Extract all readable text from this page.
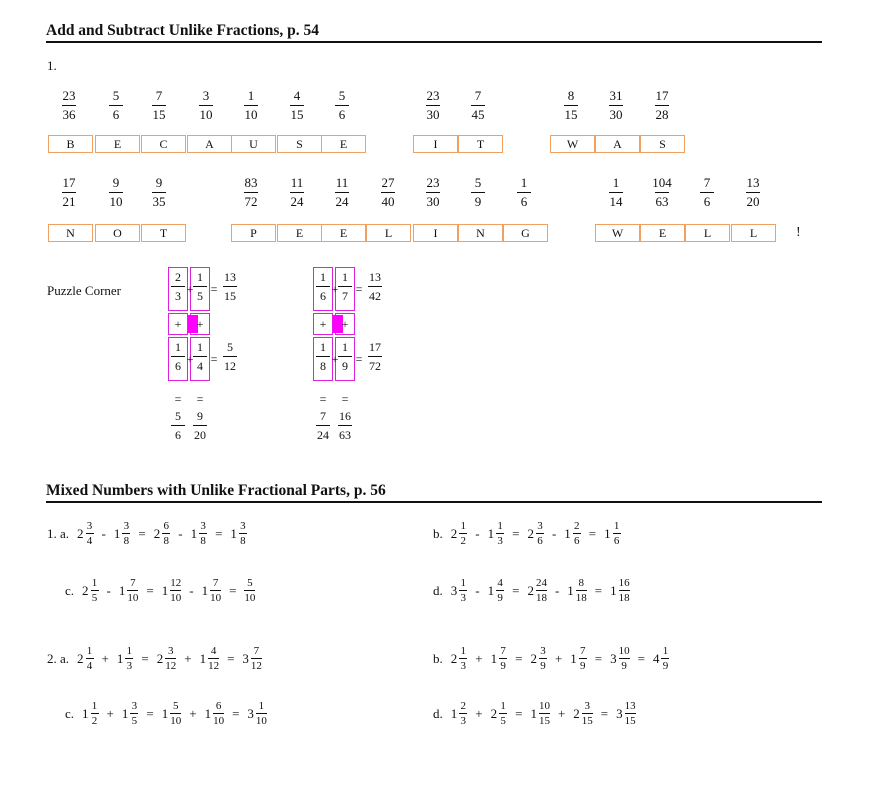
Add and Subtract Unlike Fractions, p. 54
1.
23
36
B
5
6
E
7
15
C
3
10
A
1
10
U
4
15
S
5
6
E
23
30
I
7
45
T
8
15
W
31
30
A
17
28
S
17
21
N
9
10
O
9
35
T
83
72
P
11
24
E
11
24
E
27
40
L
23
30
I
5
9
N
1
6
G
1
14
W
104
63
E
7
6
L
13
20
L	!
Puzzle Corner
2
3
1
5
13
15
1
6
1
4
5
12
5
6
9
20
+ =
+ +
+ =
= =
1
6
1
7
13
42
1
8
1
9
17
72
7
24
16
63
+ =
+ +
+ =
= =
Mixed Numbers with Unlike Fractional Parts, p. 56
1. a. 2 3
4
- 1 3
8
= 2 6
8
- 1 3
8
= 1 3
8
b. 2 1
2
- 1 1
3
= 2 3
6
- 1 2
6
= 1 1
6
c. 2 1
5
- 1 7
10
= 1 12
10
- 1 7
10
= 5
10
d. 3 1
3
- 1 4
9
= 2 24
18
- 1 8
18
= 1 16
18
2. a. 2 1
4
+ 1 1
3
= 2 3
12
+ 1 4
12
= 3 7
12
b. 2 1
3
+ 1 7
9
= 2 3
9
+ 1 7
9
= 3 10
9
= 4 1
9
c. 1 1
2
+ 1 3
5
= 1 5
10
+ 1 6
10
= 3 1
10
d. 1 2
3
+ 2 1
5
= 1 10
15
+ 2 3
15
= 3 13
15
